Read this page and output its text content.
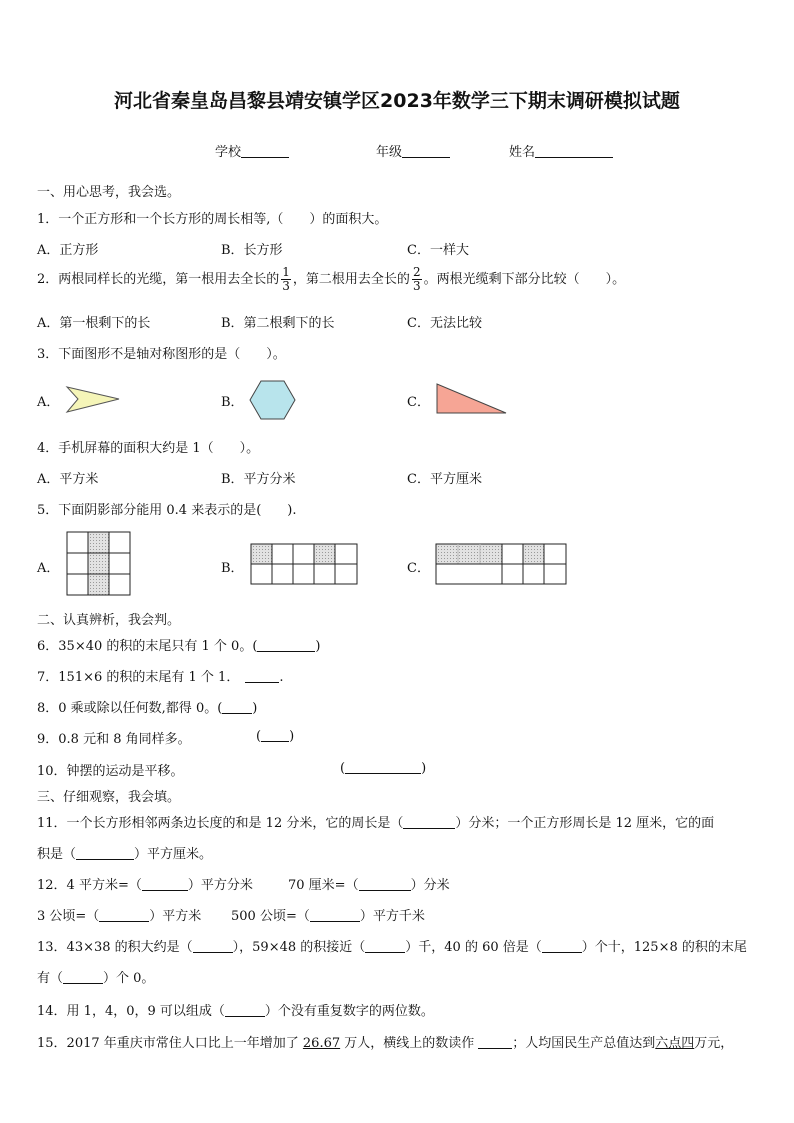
河北省秦皇岛昌黎县靖安镇学区2023年数学三下期末调研模拟试题
学校	年级	姓名
一、用心思考，我会选。
1．一个正方形和一个长方形的周长相等,（　　）的面积大。
A．正方形	B．长方形	C．一样大
2．两根同样长的光缆，第一根用去全长的 $\frac{1}{3}$ ，第二根用去全长的 $\frac{2}{3}$ 。两根光缆剩下部分比较（　　）。
A．第一根剩下的长	B．第二根剩下的长	C．无法比较
3．下面图形不是轴对称图形的是（　　）。
A．	B．	C．
4．手机屏幕的面积大约是 1（　　）。
A．平方米	B．平方分米	C．平方厘米
5．下面阴影部分能用 0.4 来表示的是(　　).
A．	B．	C．
二、认真辨析，我会判。
6．35×40 的积的末尾只有 1 个 0。(	)
7．151×6 的积的末尾有 1 个 1．	.
8．0 乘或除以任何数,都得 0。( )
9．0.8 元和 8 角同样多。	( )
10．钟摆的运动是平移。	(	)
三、仔细观察，我会填。
11．一个长方形相邻两条边长度的和是 12 分米，它的周长是（	）分米；一个正方形周长是 12 厘米，它的面
积是（	）平方厘米。
12．4 平方米=（	）平方分米	70 厘米=（	）分米
3 公顷=（	）平方米 500 公顷=（	）平方千米
13．43×38 的积大约是（	），59×48 的积接近（	）千，40 的 60 倍是（	）个十，125×8 的积的末尾
有（	）个 0。
14．用 1，4，0，9 可以组成（	）个没有重复数字的两位数。
15．2017 年重庆市常住人口比上一年增加了 26.67 万人，横线上的数读作	；人均国民生产总值达到六点四万元，
